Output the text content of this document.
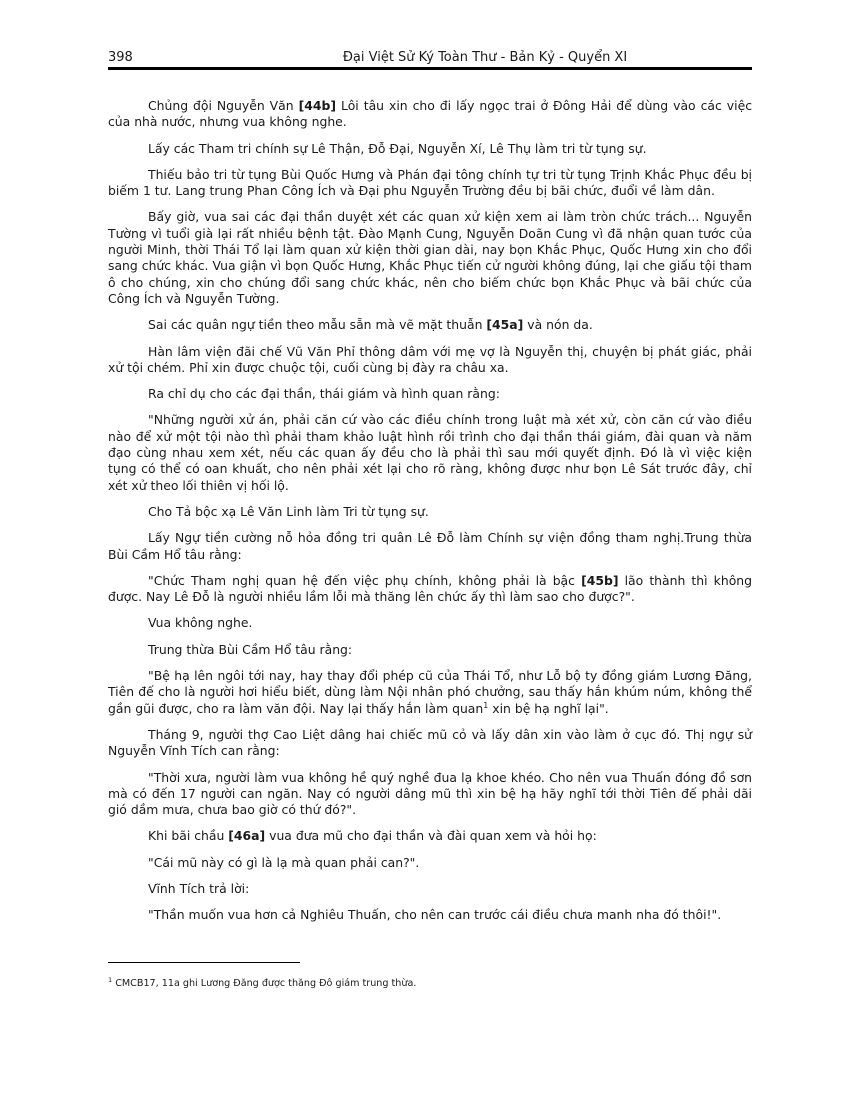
398	Đại Việt Sử Ký Toàn Thư - Bản Kỷ - Quyển XI

Chủng đội Nguyễn Văn [44b] Lôi tâu xin cho đi lấy ngọc trai ở Đông Hải để dùng vào các việc của nhà nước, nhưng vua không nghe.

Lấy các Tham tri chính sự Lê Thận, Đỗ Đại, Nguyễn Xí, Lê Thụ làm tri từ tụng sự.

Thiếu bảo tri từ tụng Bùi Quốc Hưng và Phán đại tông chính tự tri từ tụng Trịnh Khắc Phục đều bị biếm 1 tư. Lang trung Phan Công Ích và Đại phu Nguyễn Trường đều bị bãi chức, đuổi về làm dân.

Bấy giờ, vua sai các đại thần duyệt xét các quan xử kiện xem ai làm tròn chức trách... Nguyễn Tường vì tuổi già lại rất nhiều bệnh tật. Đào Mạnh Cung, Nguyễn Doãn Cung vì đã nhận quan tước của người Minh, thời Thái Tổ lại làm quan xử kiện thời gian dài, nay bọn Khắc Phục, Quốc Hưng xin cho đổi sang chức khác. Vua giận vì bọn Quốc Hưng, Khắc Phục tiến cử người không đúng, lại che giấu tội tham ô cho chúng, xin cho chúng đổi sang chức khác, nên cho biếm chức bọn Khắc Phục và bãi chức của Công Ích và Nguyễn Tường.

Sai các quân ngự tiền theo mẫu sẵn mà vẽ mặt thuẫn [45a] và nón da.

Hàn lâm viện đãi chế Vũ Văn Phỉ thông dâm với mẹ vợ là Nguyễn thị, chuyện bị phát giác, phải xử tội chém. Phỉ xin được chuộc tội, cuối cùng bị đày ra châu xa.

Ra chỉ dụ cho các đại thần, thái giám và hình quan rằng:

"Những người xử án, phải căn cứ vào các điều chính trong luật mà xét xử, còn căn cứ vào điều nào để xử một tội nào thì phải tham khảo luật hình rồi trình cho đại thần thái giám, đài quan và năm đạo cùng nhau xem xét, nếu các quan ấy đều cho là phải thì sau mới quyết định. Đó là vì việc kiện tụng có thể có oan khuất, cho nên phải xét lại cho rõ ràng, không được như bọn Lê Sát trước đây, chỉ xét xử theo lối thiên vị hối lộ.

Cho Tả bộc xạ Lê Văn Linh làm Tri từ tụng sự.

Lấy Ngự tiền cường nỗ hỏa đồng tri quân Lê Đỗ làm Chính sự viện đồng tham nghị.Trung thừa Bùi Cầm Hổ tâu rằng:

"Chức Tham nghị quan hệ đến việc phụ chính, không phải là bậc [45b] lão thành thì không được. Nay Lê Đỗ là người nhiều lầm lỗi mà thăng lên chức ấy thì làm sao cho được?".

Vua không nghe.

Trung thừa Bùi Cầm Hổ tâu rằng:

"Bệ hạ lên ngôi tới nay, hay thay đổi phép cũ của Thái Tổ, như Lỗ bộ ty đồng giám Lương Đăng, Tiên đế cho là người hơi hiểu biết, dùng làm Nội nhân phó chưởng, sau thấy hắn khúm núm, không thể gần gũi được, cho ra làm văn đội. Nay lại thấy hắn làm quan$^1$ xin bệ hạ nghĩ lại".

Tháng 9, người thợ Cao Liệt dâng hai chiếc mũ cỏ và lấy dân xin vào làm ở cục đó. Thị ngự sử Nguyễn Vĩnh Tích can rằng:

"Thời xưa, người làm vua không hề quý nghề đua lạ khoe khéo. Cho nên vua Thuấn đóng đồ sơn mà có đến 17 người can ngăn. Nay có người dâng mũ thì xin bệ hạ hãy nghĩ tới thời Tiên đế phải dãi gió dầm mưa, chưa bao giờ có thứ đó?".

Khi bãi chầu [46a] vua đưa mũ cho đại thần và đài quan xem và hỏi họ:

"Cái mũ này có gì là lạ mà quan phải can?".

Vĩnh Tích trả lời:

"Thần muốn vua hơn cả Nghiêu Thuấn, cho nên can trước cái điều chưa manh nha đó thôi!".

$^1$ CMCB17, 11a ghi Lương Đăng được thăng Đô giám trung thừa.
